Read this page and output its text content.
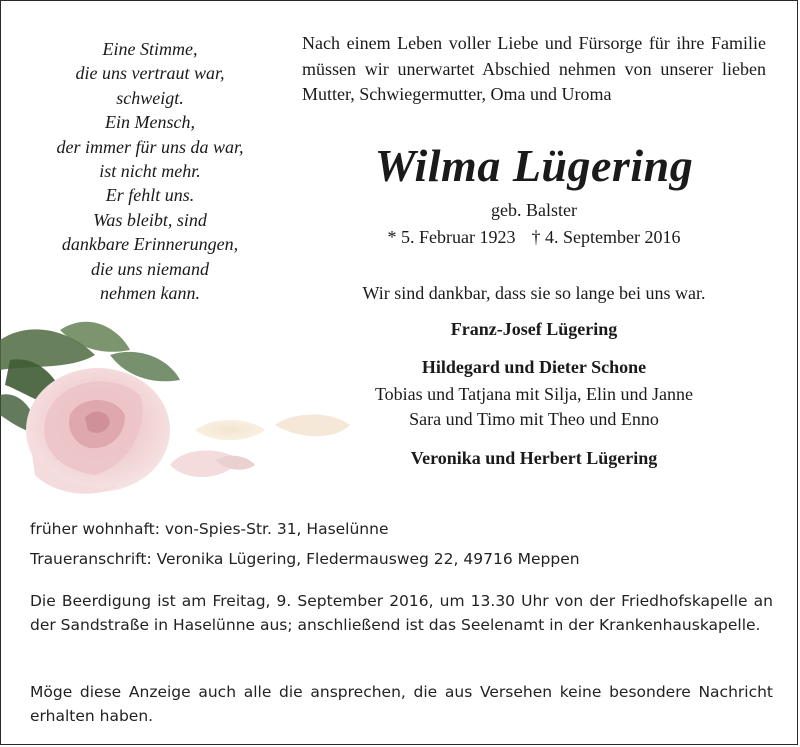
Eine Stimme,
die uns vertraut war,
schweigt.
Ein Mensch,
der immer für uns da war,
ist nicht mehr.
Er fehlt uns.
Was bleibt, sind
dankbare Erinnerungen,
die uns niemand
nehmen kann.
Nach einem Leben voller Liebe und Fürsorge für ihre Familie müssen wir unerwartet Abschied nehmen von unserer lieben Mutter, Schwiegermutter, Oma und Uroma
Wilma Lügering
geb. Balster
* 5. Februar 1923 † 4. September 2016
Wir sind dankbar, dass sie so lange bei uns war.
Franz-Josef Lügering
Hildegard und Dieter Schone
Tobias und Tatjana mit Silja, Elin und Janne
Sara und Timo mit Theo und Enno
Veronika und Herbert Lügering
früher wohnhaft: von-Spies-Str. 31, Haselünne
Traueranschrift: Veronika Lügering, Fledermausweg 22, 49716 Meppen
Die Beerdigung ist am Freitag, 9. September 2016, um 13.30 Uhr von der Friedhofskapelle an der Sandstraße in Haselünne aus; anschließend ist das Seelenamt in der Krankenhauskapelle.
Möge diese Anzeige auch alle die ansprechen, die aus Versehen keine besondere Nachricht erhalten haben.
